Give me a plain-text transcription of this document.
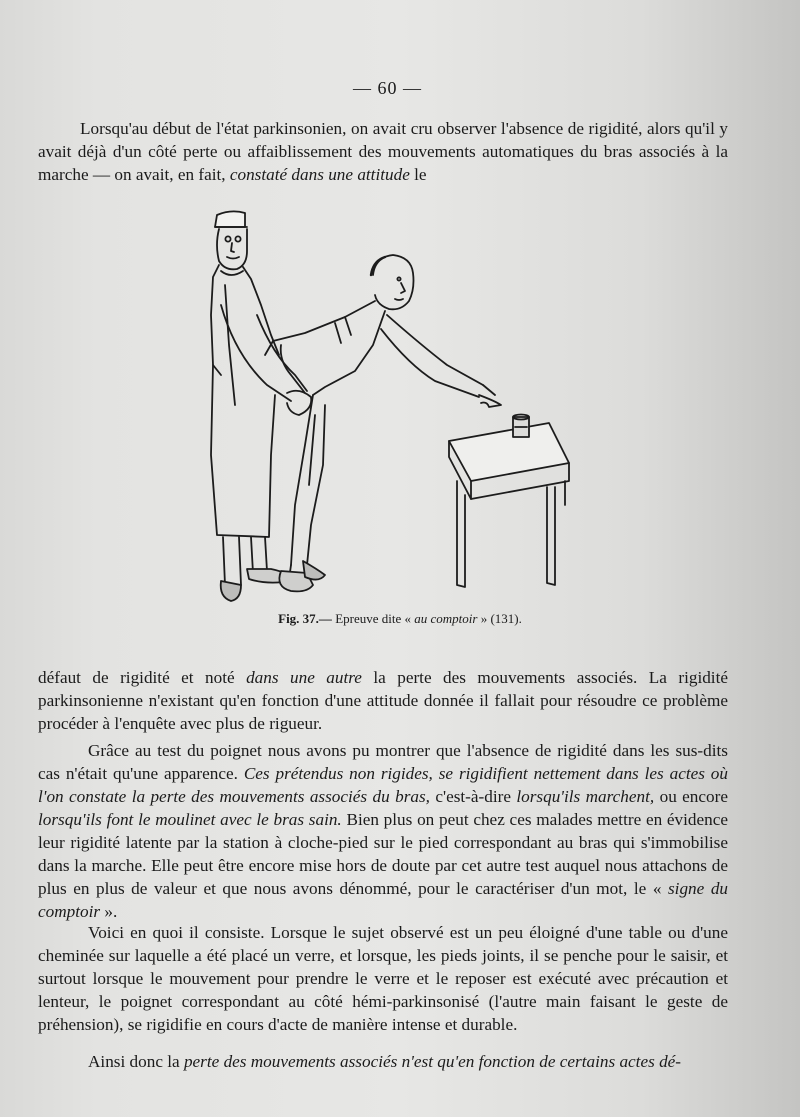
— 60 —

Lorsqu'au début de l'état parkinsonien, on avait cru observer l'absence de rigidité, alors qu'il y avait déjà d'un côté perte ou affaiblissement des mouvements automatiques du bras associés à la marche — on avait, en fait, constaté dans une attitude le

Fig. 37.— Epreuve dite « au comptoir » (131).

défaut de rigidité et noté dans une autre la perte des mouvements associés. La rigidité parkinsonienne n'existant qu'en fonction d'une attitude donnée il fallait pour résoudre ce problème procéder à l'enquête avec plus de rigueur.

Grâce au test du poignet nous avons pu montrer que l'absence de rigidité dans les sus-dits cas n'était qu'une apparence. Ces prétendus non rigides, se rigidifient nettement dans les actes où l'on constate la perte des mouvements associés du bras, c'est-à-dire lorsqu'ils marchent, ou encore lorsqu'ils font le moulinet avec le bras sain. Bien plus on peut chez ces malades mettre en évidence leur rigidité latente par la station à cloche-pied sur le pied correspondant au bras qui s'immobilise dans la marche. Elle peut être encore mise hors de doute par cet autre test auquel nous attachons de plus en plus de valeur et que nous avons dénommé, pour le caractériser d'un mot, le « signe du comptoir ».

Voici en quoi il consiste. Lorsque le sujet observé est un peu éloigné d'une table ou d'une cheminée sur laquelle a été placé un verre, et lorsque, les pieds joints, il se penche pour le saisir, et surtout lorsque le mouvement pour prendre le verre et le reposer est exécuté avec précaution et lenteur, le poignet correspondant au côté hémi-parkinsonisé (l'autre main faisant le geste de préhension), se rigidifie en cours d'acte de manière intense et durable.

Ainsi donc la perte des mouvements associés n'est qu'en fonction de certains actes dé-
